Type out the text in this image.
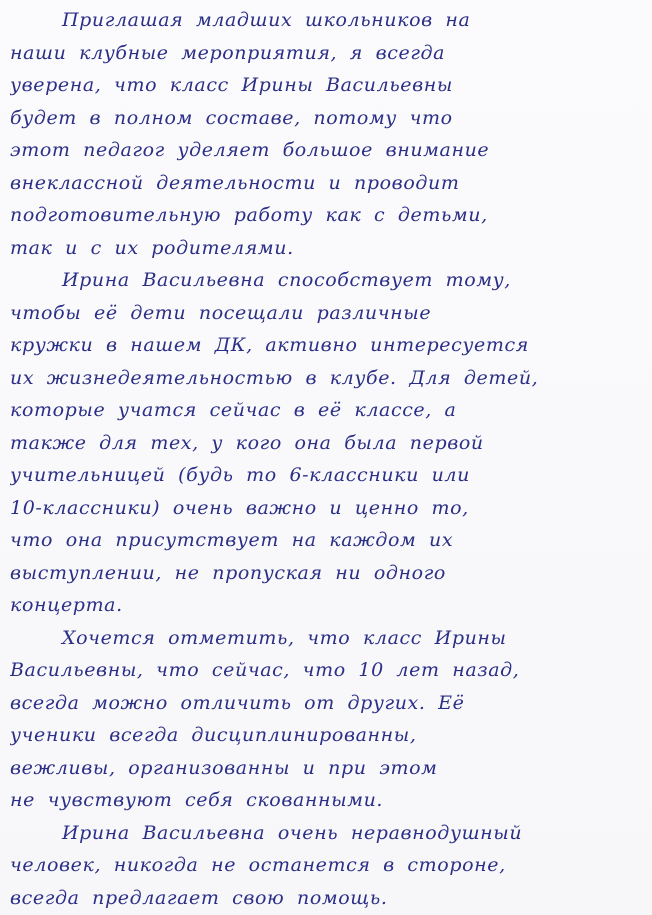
Приглашая младших школьников на
наши клубные мероприятия, я всегда
уверена, что класс Ирины Васильевны
будет в полном составе, потому что
этот педагог уделяет большое внимание
внеклассной деятельности и проводит
подготовительную работу как с детьми,
так и с их родителями.
Ирина Васильевна способствует тому,
чтобы её дети посещали различные
кружки в нашем ДК, активно интересуется
их жизнедеятельностью в клубе. Для детей,
которые учатся сейчас в её классе, а
также для тех, у кого она была первой
учительницей (будь то 6-классники или
10-классники) очень важно и ценно то,
что она присутствует на каждом их
выступлении, не пропуская ни одного
концерта.
Хочется отметить, что класс Ирины
Васильевны, что сейчас, что 10 лет назад,
всегда можно отличить от других. Её
ученики всегда дисциплинированны,
вежливы, организованны и при этом
не чувствуют себя скованными.
Ирина Васильевна очень неравнодушный
человек, никогда не останется в стороне,
всегда предлагает свою помощь.
